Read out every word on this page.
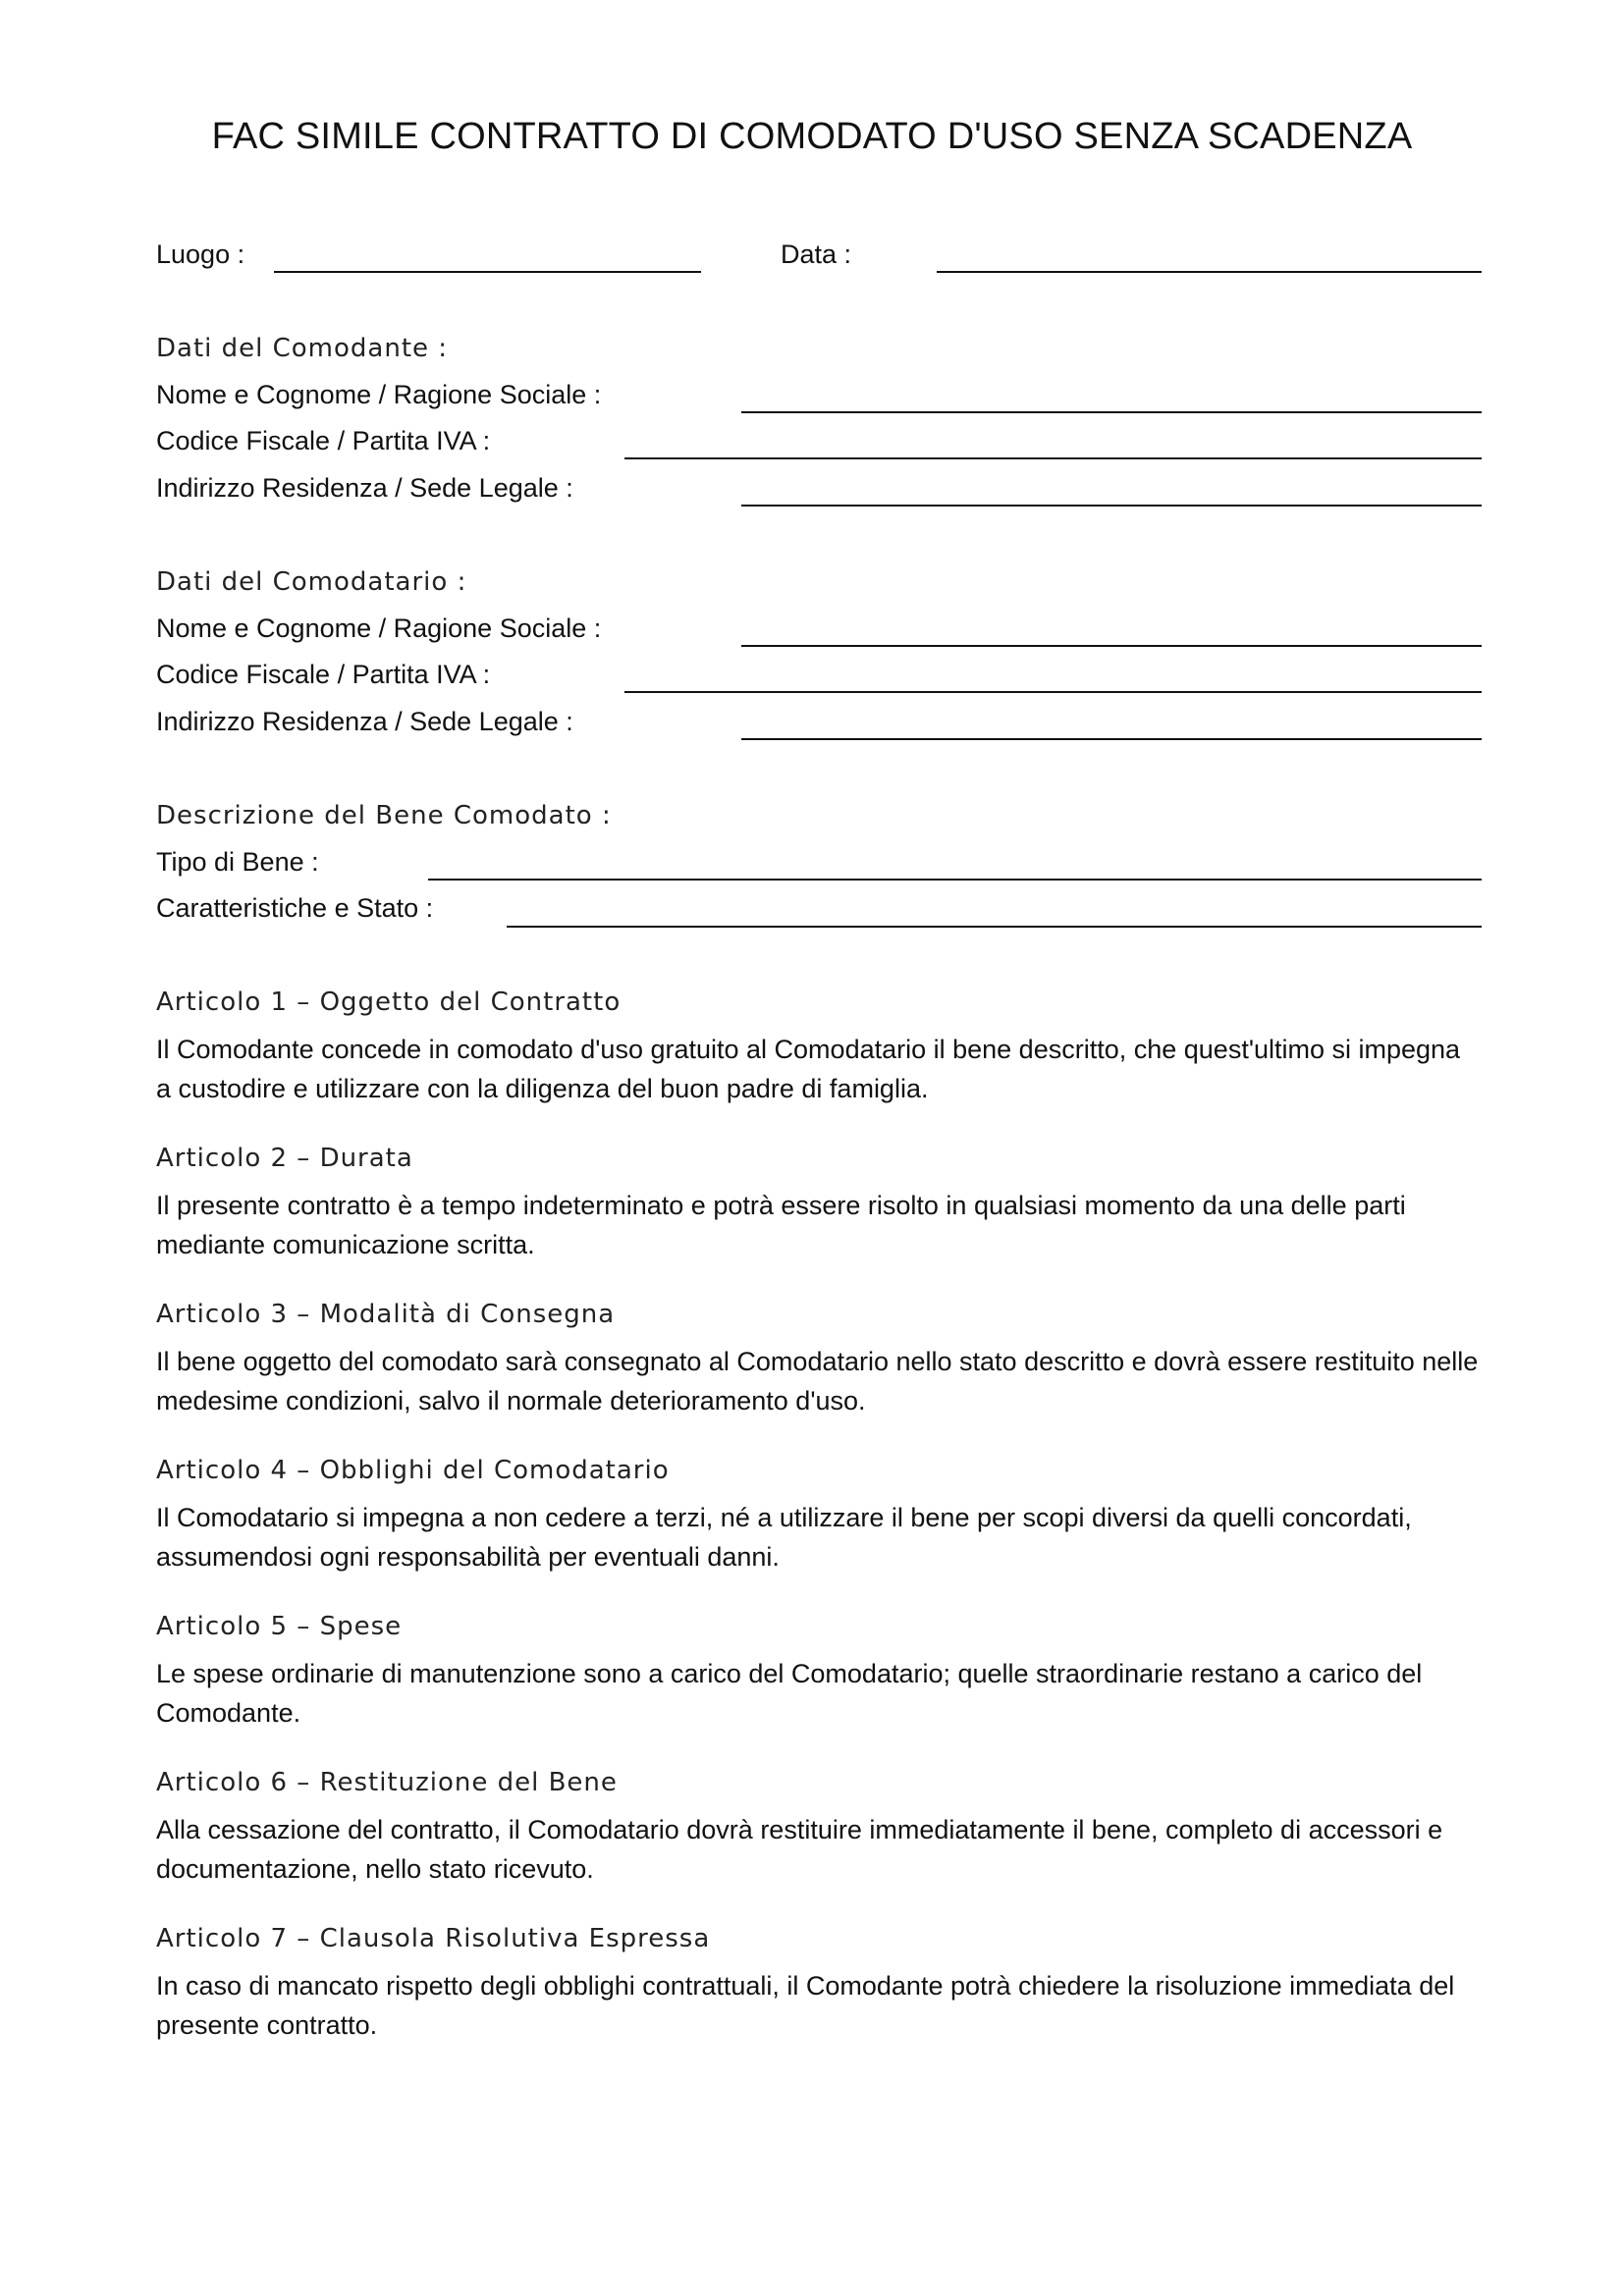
FAC SIMILE CONTRATTO DI COMODATO D'USO SENZA SCADENZA
Luogo :	Data :
Dati del Comodante :
Nome e Cognome / Ragione Sociale :
Codice Fiscale / Partita IVA :
Indirizzo Residenza / Sede Legale :
Dati del Comodatario :
Nome e Cognome / Ragione Sociale :
Codice Fiscale / Partita IVA :
Indirizzo Residenza / Sede Legale :
Descrizione del Bene Comodato :
Tipo di Bene :
Caratteristiche e Stato :
Articolo 1 – Oggetto del Contratto
Il Comodante concede in comodato d'uso gratuito al Comodatario il bene descritto, che quest'ultimo si impegna a custodire e utilizzare con la diligenza del buon padre di famiglia.
Articolo 2 – Durata
Il presente contratto è a tempo indeterminato e potrà essere risolto in qualsiasi momento da una delle parti mediante comunicazione scritta.
Articolo 3 – Modalità di Consegna
Il bene oggetto del comodato sarà consegnato al Comodatario nello stato descritto e dovrà essere restituito nelle medesime condizioni, salvo il normale deterioramento d'uso.
Articolo 4 – Obblighi del Comodatario
Il Comodatario si impegna a non cedere a terzi, né a utilizzare il bene per scopi diversi da quelli concordati, assumendosi ogni responsabilità per eventuali danni.
Articolo 5 – Spese
Le spese ordinarie di manutenzione sono a carico del Comodatario; quelle straordinarie restano a carico del Comodante.
Articolo 6 – Restituzione del Bene
Alla cessazione del contratto, il Comodatario dovrà restituire immediatamente il bene, completo di accessori e documentazione, nello stato ricevuto.
Articolo 7 – Clausola Risolutiva Espressa
In caso di mancato rispetto degli obblighi contrattuali, il Comodante potrà chiedere la risoluzione immediata del presente contratto.
